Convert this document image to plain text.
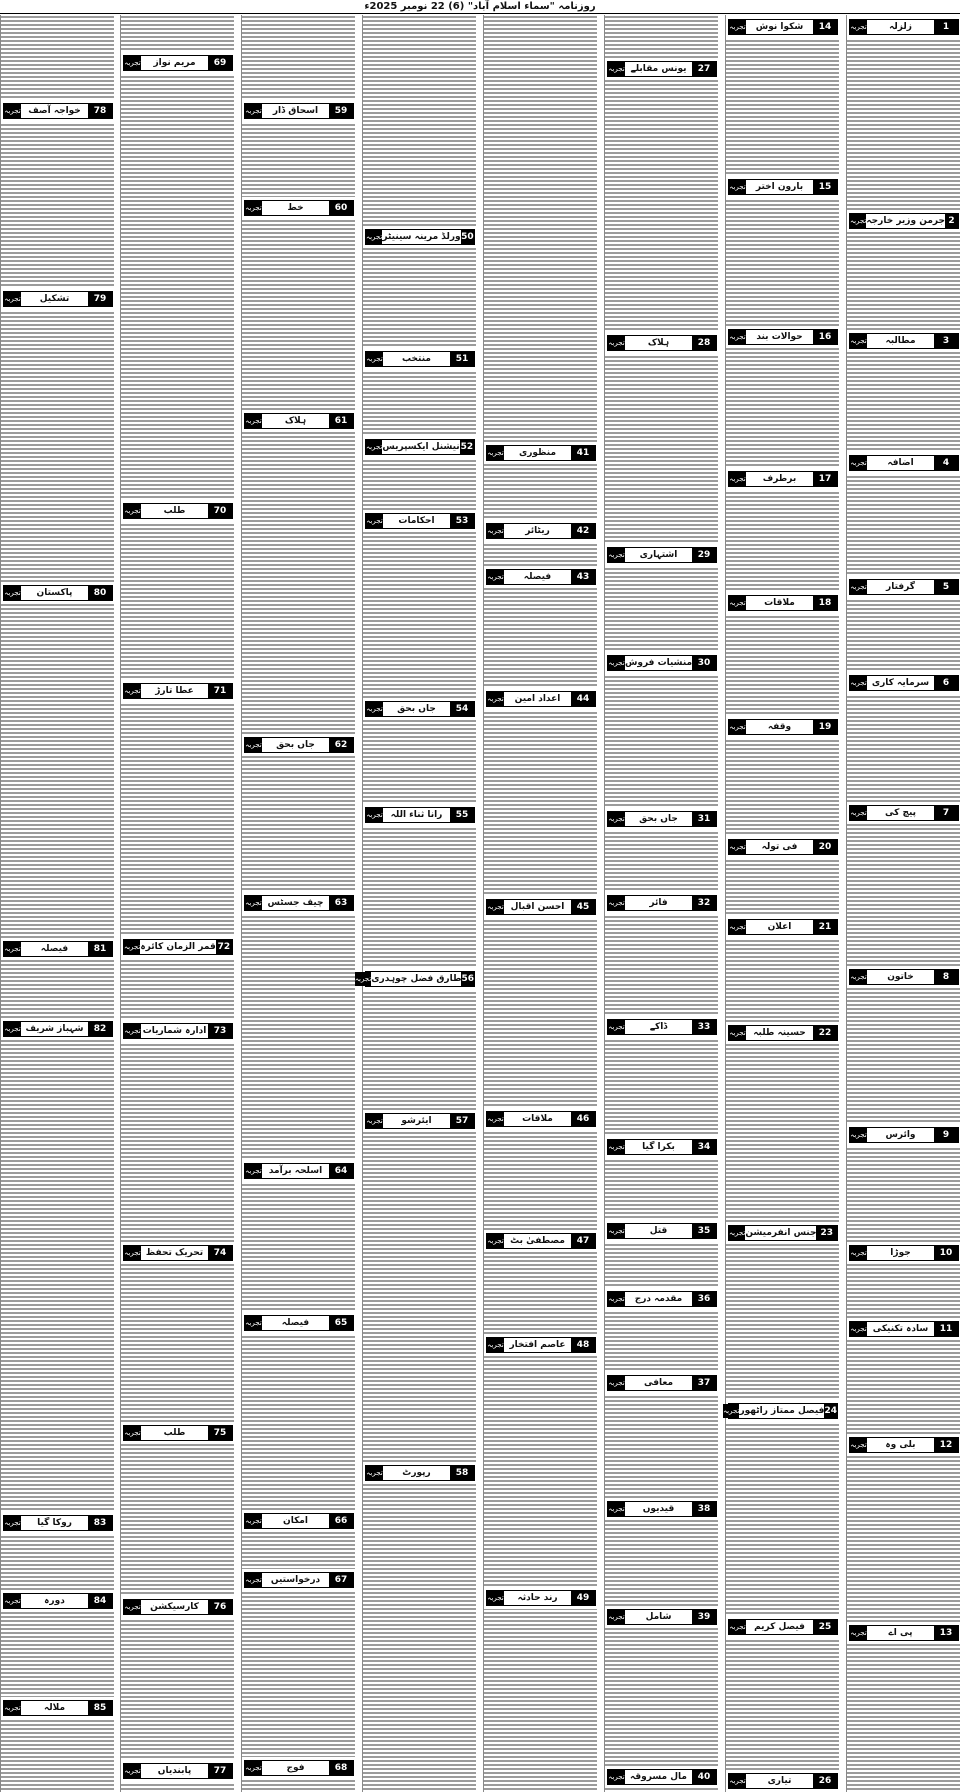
روزنامہ "سماء اسلام آباد" (6) 22 نومبر 2025ء
1
زلزلہ
تجربہ
2
جرمن وزیر خارجہ
تجربہ
3
مطالبہ
تجربہ
4
اضافہ
تجربہ
5
گرفتار
تجربہ
6
سرمایہ کاری
تجربہ
7
پیچ کی
تجربہ
8
خاتون
تجربہ
9
وائرس
تجربہ
10
جوڑا
تجربہ
11
سادہ تکنیکی
تجربہ
12
بلی وہ
تجربہ
13
پی اے
تجربہ
14
شکوا نوش
تجربہ
15
بارون اختر
تجربہ
16
حوالات بند
تجربہ
17
برطرف
تجربہ
18
ملاقات
تجربہ
19
وقفہ
تجربہ
20
فی تولہ
تجربہ
21
اعلان
تجربہ
22
حسینہ طلبہ
تجربہ
23
جنس انفرمیشن
تجربہ
24
فیصل ممتاز راٹھور
تجربہ
25
فیصل کریم
تجربہ
26
تیاری
تجربہ
27
یونس مقابلے
تجربہ
28
ہلاک
تجربہ
29
اشتہاری
تجربہ
30
منشیات فروش
تجربہ
31
جاں بحق
تجربہ
32
فائر
تجربہ
33
ڈاکے
تجربہ
34
بکرا گیا
تجربہ
35
قتل
تجربہ
36
مقدمہ درج
تجربہ
37
معافی
تجربہ
38
قیدیوں
تجربہ
39
شامل
تجربہ
40
مال مسروقہ
تجربہ
41
منظوری
تجربہ
42
ریٹائر
تجربہ
43
فیصلہ
تجربہ
44
اعداد امین
تجربہ
45
احسن اقبال
تجربہ
46
ملاقات
تجربہ
47
مصطفیٰ بٹ
تجربہ
48
عاصم افتخار
تجربہ
49
رند حادثہ
تجربہ
50
ورلڈ مرینہ سینیٹر
تجربہ
51
منتخب
تجربہ
52
نیشنل ایکسپریس
تجربہ
53
احکامات
تجربہ
54
جاں بحق
تجربہ
55
رانا ثناء اللہ
تجربہ
56
طارق فضل چوہدری
تجربہ
57
ایئرشو
تجربہ
58
رپورٹ
تجربہ
59
اسحاق ڈار
تجربہ
60
خط
تجربہ
61
ہلاک
تجربہ
62
جاں بحق
تجربہ
63
چیف جسٹس
تجربہ
64
اسلحہ برآمد
تجربہ
65
فیصلہ
تجربہ
66
امکان
تجربہ
67
درخواستیں
تجربہ
68
فوج
تجربہ
69
مریم نواز
تجربہ
70
طلب
تجربہ
71
عطا تارڑ
تجربہ
72
قمر الزمان کائرہ
تجربہ
73
ادارہ شماریات
تجربہ
74
تحریک تحفظ
تجربہ
75
طلب
تجربہ
76
کارسیکشن
تجربہ
77
پابندیاں
تجربہ
78
خواجہ آصف
تجربہ
79
تشکیل
تجربہ
80
پاکستان
تجربہ
81
فیصلہ
تجربہ
82
شہباز شریف
تجربہ
83
روکا گیا
تجربہ
84
دورہ
تجربہ
85
ملالہ
تجربہ
